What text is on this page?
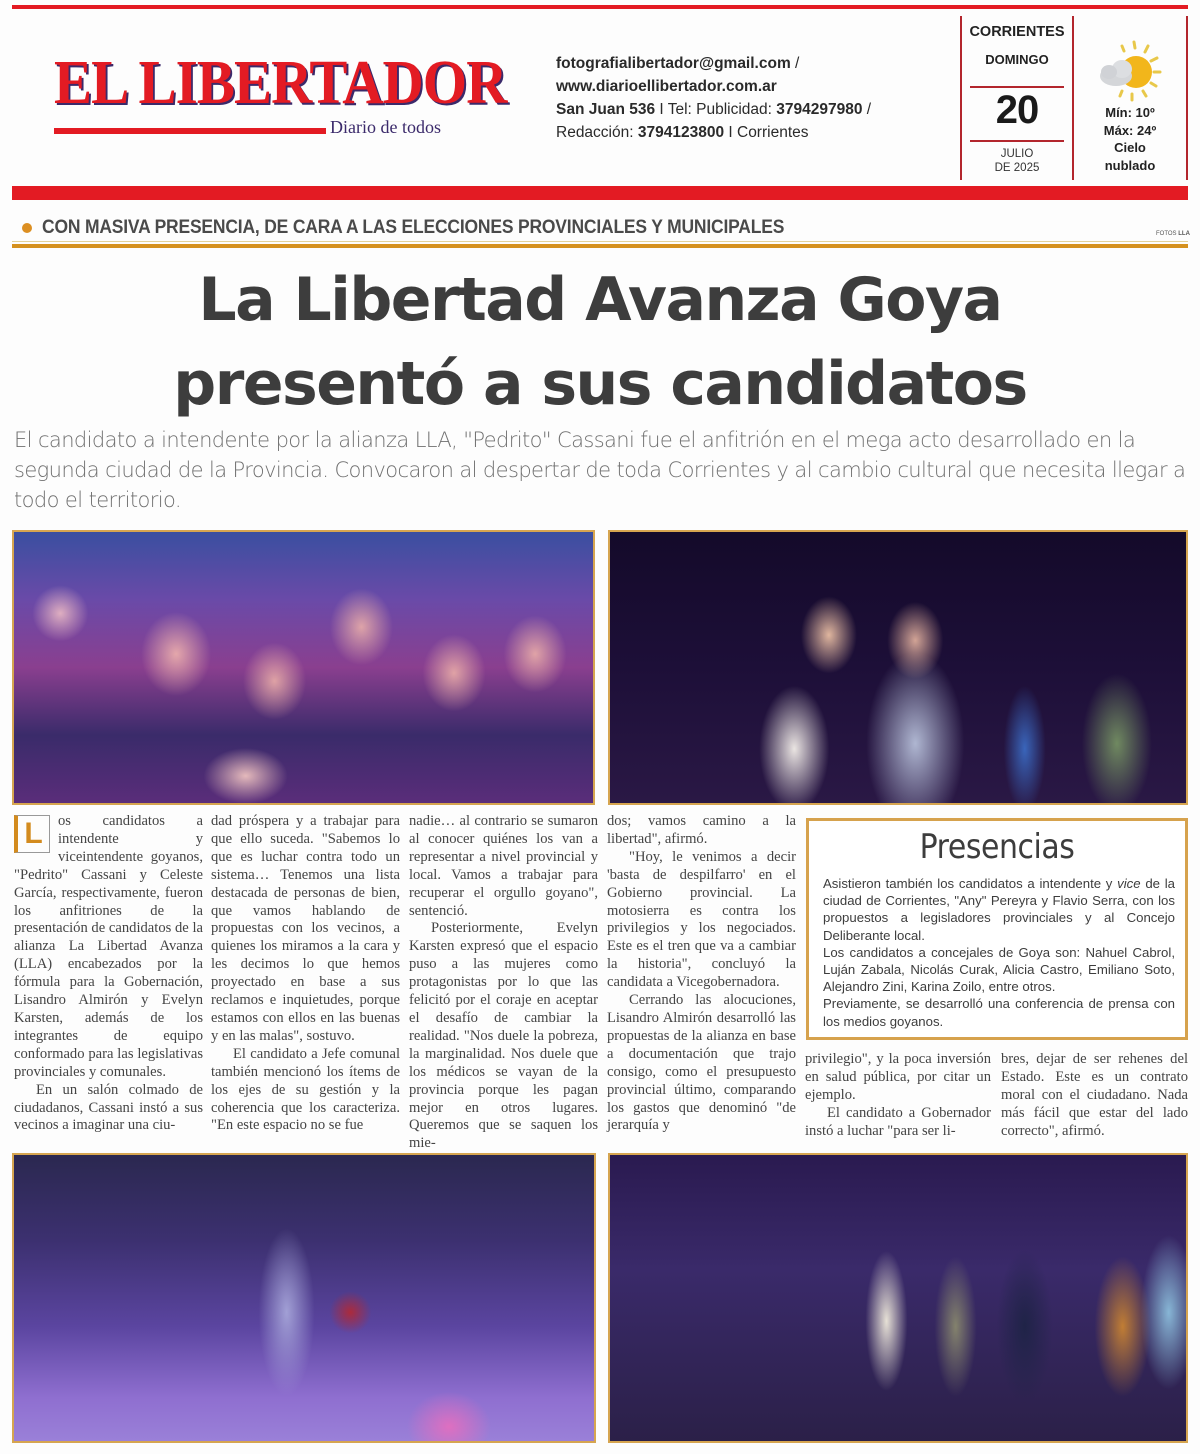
EL LIBERTADOR
Diario de todos
fotografialibertador@gmail.com /
www.diarioellibertador.com.ar
San Juan 536 I Tel: Publicidad: 3794297980 /
Redacción: 3794123800 I Corrientes
CORRIENTES
DOMINGO
20
JULIO
DE 2025
Mín: 10º
Máx: 24º
Cielo
nublado
CON MASIVA PRESENCIA, DE CARA A LAS ELECCIONES PROVINCIALES Y MUNICIPALES	FOTOS LLA
La Libertad Avanza Goya
presentó a sus candidatos

El candidato a intendente por la alianza LLA, "Pedrito" Cassani fue el anfitrión en el mega acto desarrollado en la segunda ciudad de la Provincia. Convocaron al despertar de toda Corrientes y al cambio cultural que necesita llegar a todo el territorio.

L	os candidatos a intendente y viceintendente goyanos, "Pedrito" Cassani y Celeste García, respectivamente, fueron los anfitriones de la presentación de candidatos de la alianza La Libertad Avanza (LLA) encabezados por la fórmula para la Gobernación, Lisandro Almirón y Evelyn Karsten, además de los integrantes de equipo conformado para las legislativas provinciales y comunales.

En un salón colmado de ciudadanos, Cassani instó a sus vecinos a imaginar una ciu-

dad próspera y a trabajar para que ello suceda. "Sabemos lo que es luchar contra todo un sistema… Tenemos una lista destacada de personas de bien, que vamos hablando de propuestas con los vecinos, a quienes los miramos a la cara y les decimos lo que hemos proyectado en base a sus reclamos e inquietudes, porque estamos con ellos en las buenas y en las malas", sostuvo.

El candidato a Jefe comunal también mencionó los ítems de los ejes de su gestión y la coherencia que los caracteriza. "En este espacio no se fue

nadie… al contrario se sumaron al conocer quiénes los van a representar a nivel provincial y local. Vamos a trabajar para recuperar el orgullo goyano", sentenció.

Posteriormente, Evelyn Karsten expresó que el espacio puso a las mujeres como protagonistas por lo que las felicitó por el coraje en aceptar el desafío de cambiar la realidad. "Nos duele la pobreza, la marginalidad. Nos duele que los médicos se vayan de la provincia porque les pagan mejor en otros lugares. Queremos que se saquen los mie-

dos; vamos camino a la libertad", afirmó.

"Hoy, le venimos a decir 'basta de despilfarro' en el Gobierno provincial. La motosierra es contra los privilegios y los negociados. Este es el tren que va a cambiar la historia", concluyó la candidata a Vicegobernadora.

Cerrando las alocuciones, Lisandro Almirón desarrolló las propuestas de la alianza en base a documentación que trajo consigo, como el presupuesto provincial último, comparando los gastos que denominó "de jerarquía y

Presencias

Asistieron también los candidatos a intendente y vice de la ciudad de Corrientes, "Any" Pereyra y Flavio Serra, con los propuestos a legisladores provinciales y al Concejo Deliberante local.

Los candidatos a concejales de Goya son: Nahuel Cabrol, Luján Zabala, Nicolás Curak, Alicia Castro, Emiliano Soto, Alejandro Zini, Karina Zoilo, entre otros.

Previamente, se desarrolló una conferencia de prensa con los medios goyanos.

privilegio", y la poca inversión en salud pública, por citar un ejemplo.

El candidato a Gobernador instó a luchar "para ser li-

bres, dejar de ser rehenes del Estado. Este es un contrato moral con el ciudadano. Nada más fácil que estar del lado correcto", afirmó.
